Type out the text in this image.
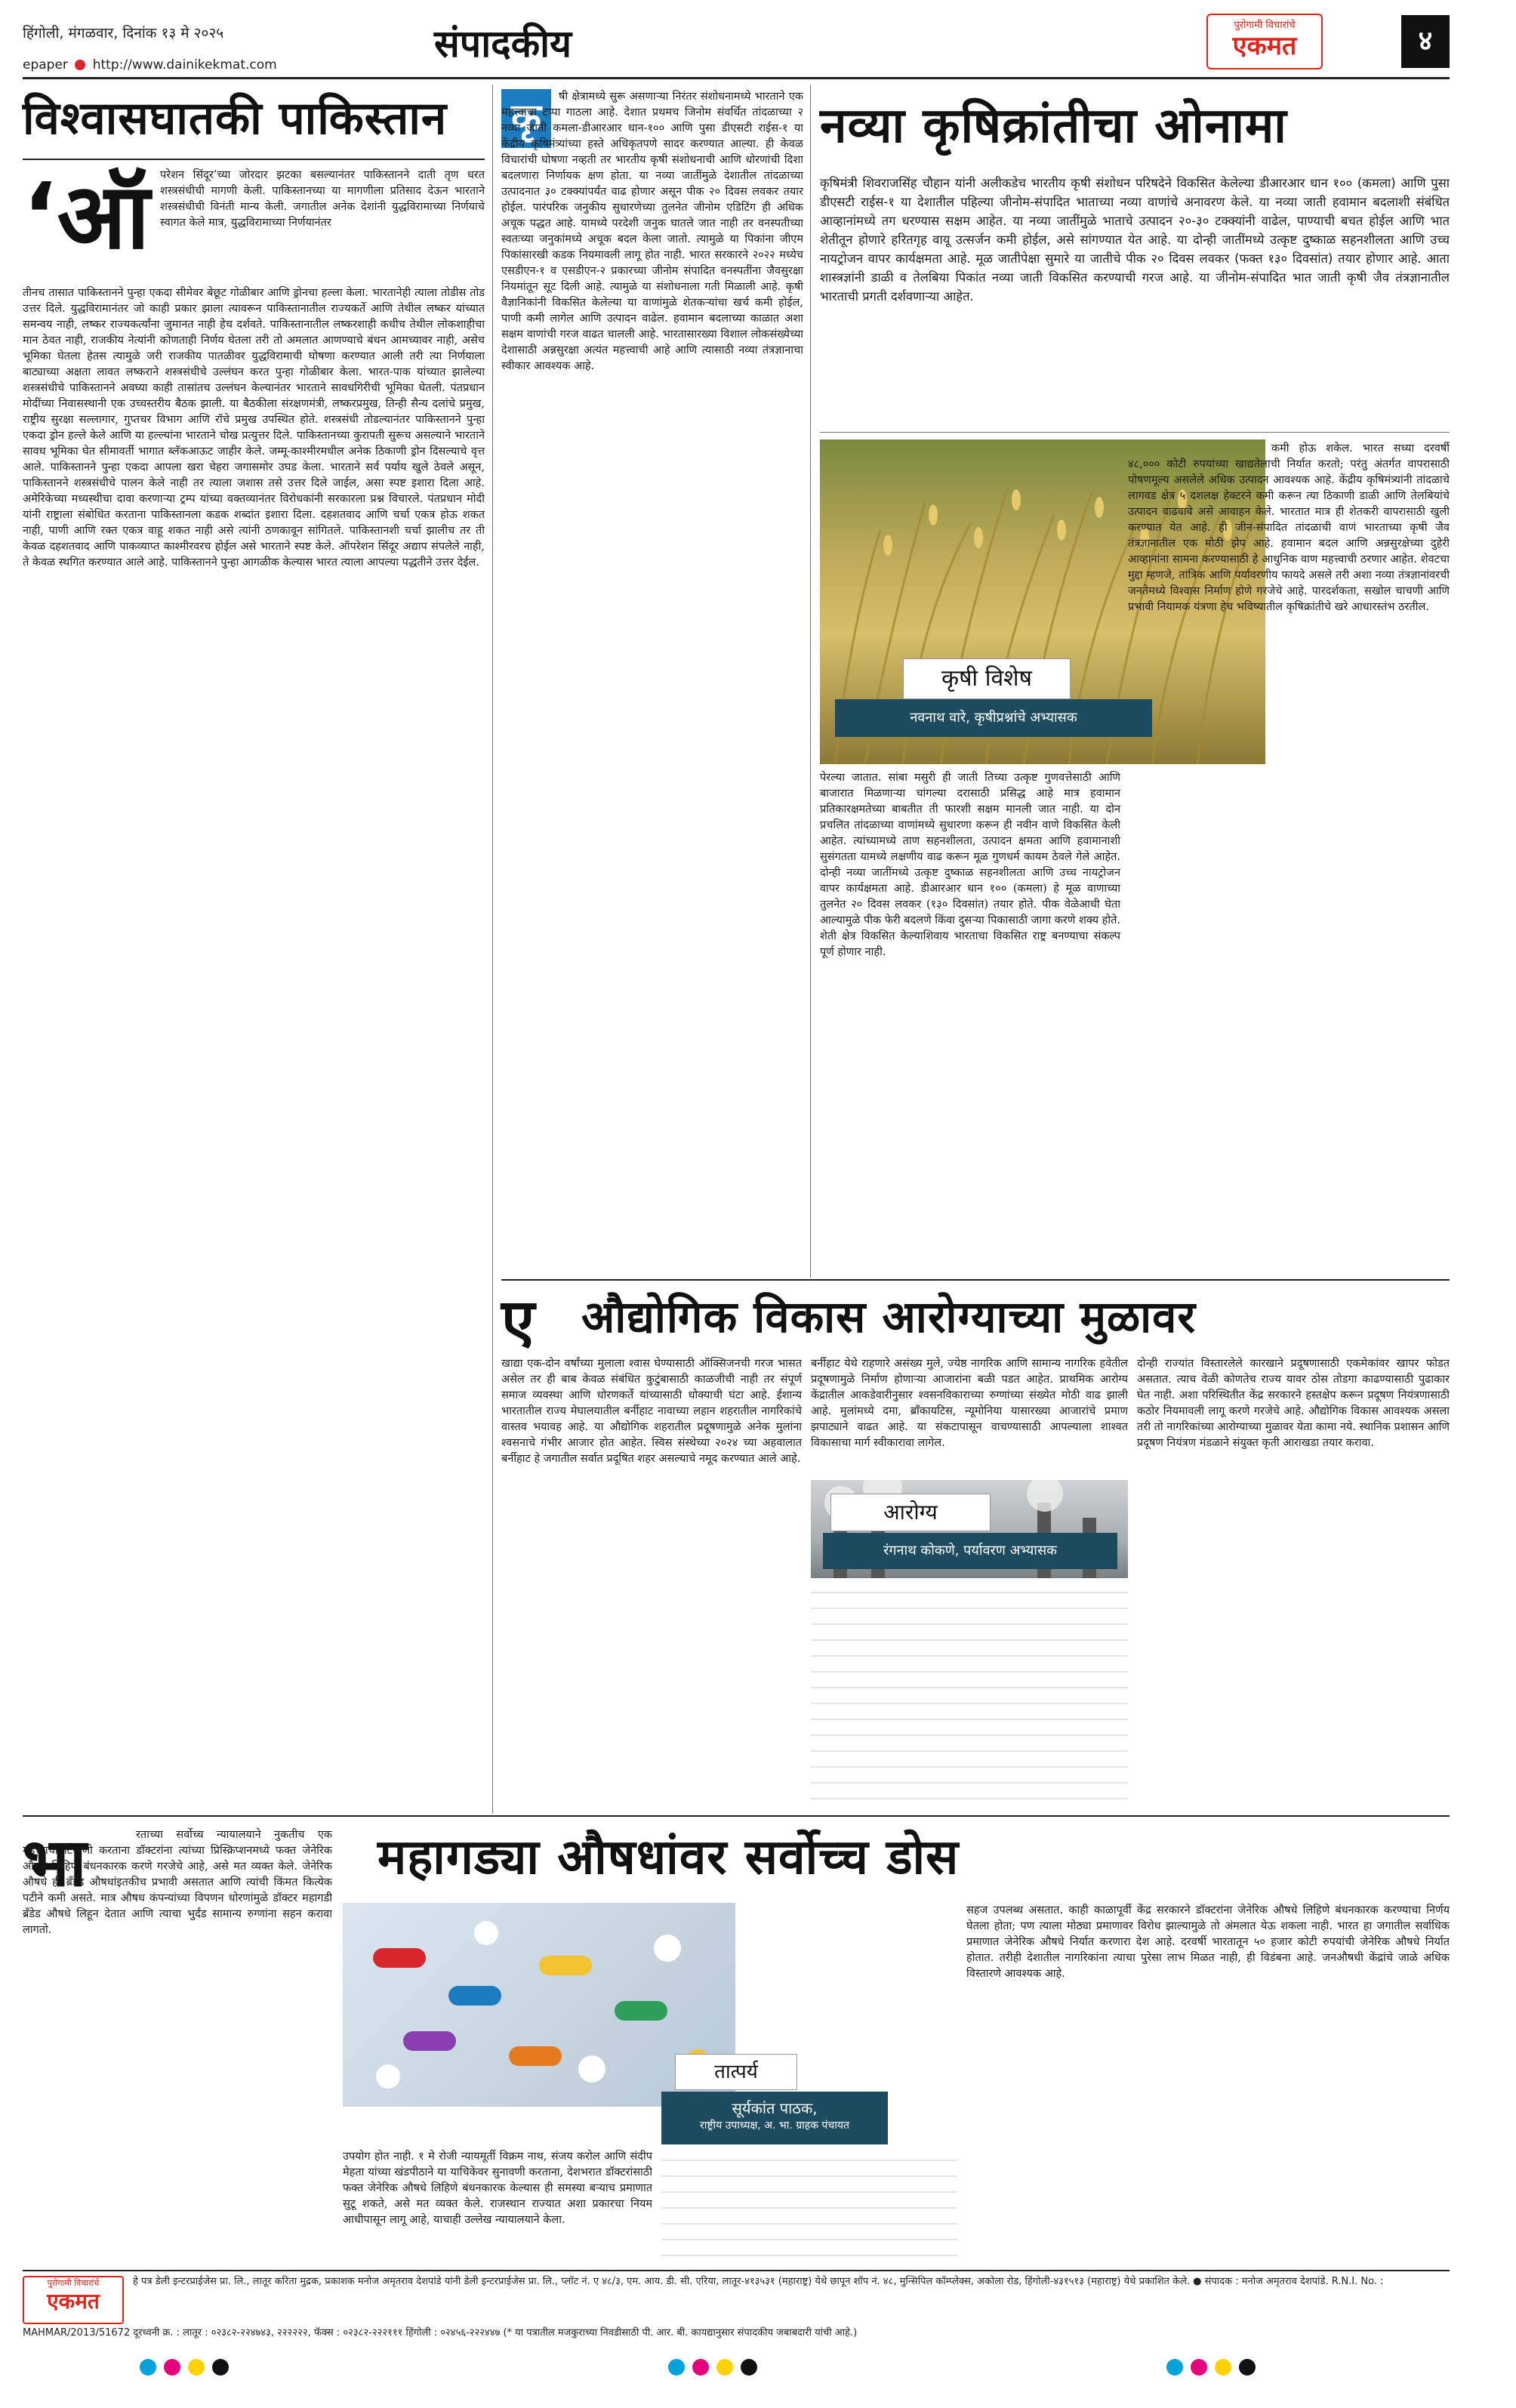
हिंगोली, मंगळवार, दिनांक १३ मे २०२५
epaper http://www.dainikekmat.com	संपादकीय	पुरोगामी विचारांचे
एकमत	४
विश्वासघातकी पाकिस्तान
‘ऑ परेशन सिंदूर’च्या जोरदार झटका बसल्यानंतर पाकिस्तानने दाती तृण धरत शस्त्रसंधीची मागणी केली. पाकिस्तानच्या या मागणीला प्रतिसाद देऊन भारताने शस्त्रसंधीची विनंती मान्य केली. जगातील अनेक देशांनी युद्धविरामाच्या निर्णयाचे स्वागत केले मात्र, युद्धविरामाच्या निर्णयानंतर
तीनच तासात पाकिस्तानने पुन्हा एकदा सीमेवर बेछूट गोळीबार आणि ड्रोनचा हल्ला केला. भारतानेही त्याला तोडीस तोड उत्तर दिले. युद्धविरामानंतर जो काही प्रकार झाला त्यावरून पाकिस्तानातील राज्यकर्ते आणि तेथील लष्कर यांच्यात समन्वय नाही, लष्कर राज्यकर्त्यांना जुमानत नाही हेच दर्शवते. पाकिस्तानातील लष्करशाही कधीच तेथील लोकशाहीचा मान ठेवत नाही, राजकीय नेत्यांनी कोणताही निर्णय घेतला तरी तो अमलात आणण्याचे बंधन आमच्यावर नाही, असेच भूमिका घेतला हेतस त्यामुळे जरी राजकीय पातळीवर युद्धविरामाची घोषणा करण्यात आली तरी त्या निर्णयाला बाट्याच्या अक्षता लावत लष्कराने शस्त्रसंधीचे उल्लंघन करत पुन्हा गोळीबार केला. भारत-पाक यांच्यात झालेल्या शस्त्रसंधीचे पाकिस्तानने अवघ्या काही तासांतच उल्लंघन केल्यानंतर भारताने सावधगिरीची भूमिका घेतली. पंतप्रधान मोदींच्या निवासस्थानी एक उच्चस्तरीय बैठक झाली. या बैठकीला संरक्षणमंत्री, लष्करप्रमुख, तिन्ही सैन्य दलांचे प्रमुख, राष्ट्रीय सुरक्षा सल्लागार, गुप्तचर विभाग आणि रॉचे प्रमुख उपस्थित होते. शस्त्रसंधी तोडल्यानंतर पाकिस्तानने पुन्हा एकदा ड्रोन हल्ले केले आणि या हल्ल्यांना भारताने चोख प्रत्युत्तर दिले. पाकिस्तानच्या कुरापती सुरूच असल्याने भारताने सावध भूमिका घेत सीमावर्ती भागात ब्लॅकआऊट जाहीर केले. जम्मू-काश्मीरमधील अनेक ठिकाणी ड्रोन दिसल्याचे वृत्त आले. पाकिस्तानने पुन्हा एकदा आपला खरा चेहरा जगासमोर उघड केला. भारताने सर्व पर्याय खुले ठेवले असून, पाकिस्तानने शस्त्रसंधीचे पालन केले नाही तर त्याला जशास तसे उत्तर दिले जाईल, असा स्पष्ट इशारा दिला आहे. अमेरिकेच्या मध्यस्थीचा दावा करणाऱ्या ट्रम्प यांच्या वक्तव्यानंतर विरोधकांनी सरकारला प्रश्न विचारले. पंतप्रधान मोदी यांनी राष्ट्राला संबोधित करताना पाकिस्तानला कडक शब्दांत इशारा दिला. दहशतवाद आणि चर्चा एकत्र होऊ शकत नाही, पाणी आणि रक्त एकत्र वाहू शकत नाही असे त्यांनी ठणकावून सांगितले. पाकिस्तानशी चर्चा झालीच तर ती केवळ दहशतवाद आणि पाकव्याप्त काश्मीरवरच होईल असे भारताने स्पष्ट केले. ऑपरेशन सिंदूर अद्याप संपलेले नाही, ते केवळ स्थगित करण्यात आले आहे. पाकिस्तानने पुन्हा आगळीक केल्यास भारत त्याला आपल्या पद्धतीने उत्तर देईल.
कृ	षी क्षेत्रामध्ये सुरू असणाऱ्या निरंतर संशोधनामध्ये भारताने एक महत्त्वाचा टप्पा गाठला आहे. देशात प्रथमच जिनोम संवर्धित तांदळाच्या २ नव्या जाती कमला-डीआरआर धान-१०० आणि पुसा डीएसटी राईस-१ या केंद्रीय कृषिमंत्र्यांच्या हस्ते अधिकृतपणे सादर करण्यात आल्या. ही केवळ विचारांची घोषणा नव्हती तर भारतीय कृषी संशोधनाची आणि धोरणांची दिशा बदलणारा निर्णायक क्षण होता. या नव्या जातींमुळे देशातील तांदळाच्या उत्पादनात ३० टक्क्यांपर्यंत वाढ होणार असून पीक २० दिवस लवकर तयार होईल. पारंपरिक जनुकीय सुधारणेच्या तुलनेत जीनोम एडिटिंग ही अधिक अचूक पद्धत आहे. यामध्ये परदेशी जनुक घातले जात नाही तर वनस्पतीच्या स्वतःच्या जनुकांमध्ये अचूक बदल केला जातो. त्यामुळे या पिकांना जीएम पिकांसारखी कडक नियमावली लागू होत नाही. भारत सरकारने २०२२ मध्येच एसडीएन-१ व एसडीएन-२ प्रकारच्या जीनोम संपादित वनस्पतींना जैवसुरक्षा नियमांतून सूट दिली आहे. त्यामुळे या संशोधनाला गती मिळाली आहे. कृषी वैज्ञानिकांनी विकसित केलेल्या या वाणांमुळे शेतकऱ्यांचा खर्च कमी होईल, पाणी कमी लागेल आणि उत्पादन वाढेल. हवामान बदलाच्या काळात अशा सक्षम वाणांची गरज वाढत चालली आहे. भारतासारख्या विशाल लोकसंख्येच्या देशासाठी अन्नसुरक्षा अत्यंत महत्त्वाची आहे आणि त्यासाठी नव्या तंत्रज्ञानाचा स्वीकार आवश्यक आहे.
नव्या कृषिक्रांतीचा ओनामा
कृषिमंत्री शिवराजसिंह चौहान यांनी अलीकडेच भारतीय कृषी संशोधन परिषदेने विकसित केलेल्या डीआरआर धान १०० (कमला) आणि पुसा डीएसटी राईस-१ या देशातील पहिल्या जीनोम-संपादित भाताच्या नव्या वाणांचे अनावरण केले. या नव्या जाती हवामान बदलाशी संबंधित आव्हानांमध्ये तग धरण्यास सक्षम आहेत. या नव्या जातींमुळे भाताचे उत्पादन २०-३० टक्क्यांनी वाढेल, पाण्याची बचत होईल आणि भात शेतीतून होणारे हरितगृह वायू उत्सर्जन कमी होईल, असे सांगण्यात येत आहे. या दोन्ही जातींमध्ये उत्कृष्ट दुष्काळ सहनशीलता आणि उच्च नायट्रोजन वापर कार्यक्षमता आहे. मूळ जातीपेक्षा सुमारे या जातीचे पीक २० दिवस लवकर (फक्त १३० दिवसांत) तयार होणार आहे. आता शास्त्रज्ञांनी डाळी व तेलबिया पिकांत नव्या जाती विकसित करण्याची गरज आहे. या जीनोम-संपादित भात जाती कृषी जैव तंत्रज्ञानातील भारताची प्रगती दर्शवणाऱ्या आहेत.
कृषी विशेष
नवनाथ वारे, कृषीप्रश्नांचे अभ्यासक
पेरल्या जातात. सांबा मसुरी ही जाती तिच्या उत्कृष्ट गुणवत्तेसाठी आणि बाजारात मिळणाऱ्या चांगल्या दरासाठी प्रसिद्ध आहे मात्र हवामान प्रतिकारक्षमतेच्या बाबतीत ती फारशी सक्षम मानली जात नाही. या दोन प्रचलित तांदळाच्या वाणांमध्ये सुधारणा करून ही नवीन वाणे विकसित केली आहेत. त्यांच्यामध्ये ताण सहनशीलता, उत्पादन क्षमता आणि हवामानाशी सुसंगतता यामध्ये लक्षणीय वाढ करून मूळ गुणधर्म कायम ठेवले गेले आहेत. दोन्ही नव्या जातींमध्ये उत्कृष्ट दुष्काळ सहनशीलता आणि उच्च नायट्रोजन वापर कार्यक्षमता आहे. डीआरआर धान १०० (कमला) हे मूळ वाणाच्या तुलनेत २० दिवस लवकर (१३० दिवसांत) तयार होते. पीक वेळेआधी घेता आल्यामुळे पीक फेरी बदलणे किंवा दुसऱ्या पिकासाठी जागा करणे शक्य होते. शेती क्षेत्र विकसित केल्याशिवाय भारताचा विकसित राष्ट्र बनण्याचा संकल्प पूर्ण होणार नाही.
कमी होऊ शकेल. भारत सध्या दरवर्षी ४८,००० कोटी रुपयांच्या खाद्यतेलाची निर्यात करतो; परंतु अंतर्गत वापरासाठी पोषणमूल्य असलेले अधिक उत्पादन आवश्यक आहे. केंद्रीय कृषिमंत्र्यांनी तांदळाचे लागवड क्षेत्र ५ दशलक्ष हेक्टरने कमी करून त्या ठिकाणी डाळी आणि तेलबियांचे उत्पादन वाढवावे असे आवाहन केले. भारतात मात्र ही शेतकरी वापरासाठी खुली करण्यात येत आहे. ही जीन-संपादित तांदळाची वाणं भारताच्या कृषी जैव तंत्रज्ञानातील एक मोठी झेप आहे. हवामान बदल आणि अन्नसुरक्षेच्या दुहेरी आव्हानांना सामना करण्यासाठी हे आधुनिक वाण महत्त्वाची ठरणार आहेत. शेवटचा मुद्दा म्हणजे, तांत्रिक आणि पर्यावरणीय फायदे असले तरी अशा नव्या तंत्रज्ञानांवरची जनतेमध्ये विश्वास निर्माण होणे गरजेचे आहे. पारदर्शकता, सखोल चाचणी आणि प्रभावी नियामक यंत्रणा हेच भविष्यातील कृषिक्रांतीचे खरे आधारस्तंभ ठरतील.
ए औद्योगिक विकास आरोग्याच्या मुळावर
खाद्या एक-दोन वर्षांच्या मुलाला श्वास घेण्यासाठी ऑक्सिजनची गरज भासत असेल तर ही बाब केवळ संबंधित कुटुंबासाठी काळजीची नाही तर संपूर्ण समाज व्यवस्था आणि धोरणकर्ते यांच्यासाठी धोक्याची घंटा आहे. ईशान्य भारतातील राज्य मेघालयातील बर्नीहाट नावाच्या लहान शहरातील नागरिकांचे वास्तव भयावह आहे. या औद्योगिक शहरातील प्रदूषणामुळे अनेक मुलांना श्वसनाचे गंभीर आजार होत आहेत. स्विस संस्थेच्या २०२४ च्या अहवालात बर्नीहाट हे जगातील सर्वात प्रदूषित शहर असल्याचे नमूद करण्यात आले आहे.
बर्नीहाट येथे राहणारे असंख्य मुले, ज्येष्ठ नागरिक आणि सामान्य नागरिक हवेतील प्रदूषणामुळे निर्माण होणाऱ्या आजारांना बळी पडत आहेत. प्राथमिक आरोग्य केंद्रातील आकडेवारीनुसार श्वसनविकाराच्या रुग्णांच्या संख्येत मोठी वाढ झाली आहे. मुलांमध्ये दमा, ब्राँकायटिस, न्यूमोनिया यासारख्या आजारांचे प्रमाण झपाट्याने वाढत आहे. या संकटापासून वाचण्यासाठी आपल्याला शाश्वत विकासाचा मार्ग स्वीकारावा लागेल.
आरोग्य
रंगनाथ कोकणे, पर्यावरण अभ्यासक
दोन्ही राज्यांत विस्तारलेले कारखाने प्रदूषणासाठी एकमेकांवर खापर फोडत असतात. त्याच वेळी कोणतेच राज्य यावर ठोस तोडगा काढण्यासाठी पुढाकार घेत नाही. अशा परिस्थितीत केंद्र सरकारने हस्तक्षेप करून प्रदूषण नियंत्रणासाठी कठोर नियमावली लागू करणे गरजेचे आहे. औद्योगिक विकास आवश्यक असला तरी तो नागरिकांच्या आरोग्याच्या मुळावर येता कामा नये. स्थानिक प्रशासन आणि प्रदूषण नियंत्रण मंडळाने संयुक्त कृती आराखडा तयार करावा.
भा	महागड्या औषधांवर सर्वोच्च डोस
रताच्या सर्वोच्च न्यायालयाने नुकतीच एक महत्त्वाची टिप्पणी करताना डॉक्टरांना त्यांच्या प्रिस्क्रिप्शनमध्ये फक्त जेनेरिक औषधे लिहिणे बंधनकारक करणे गरजेचे आहे, असे मत व्यक्त केले. जेनेरिक औषधे ही ब्रँडेड औषधांइतकीच प्रभावी असतात आणि त्यांची किंमत कित्येक पटीने कमी असते. मात्र औषध कंपन्यांच्या विपणन धोरणांमुळे डॉक्टर महागडी ब्रँडेड औषधे लिहून देतात आणि त्याचा भुर्दंड सामान्य रुग्णांना सहन करावा लागतो.
तात्पर्य
सूर्यकांत पाठक,
राष्ट्रीय उपाध्यक्ष, अ. भा. ग्राहक पंचायत
उपयोग होत नाही. १ मे रोजी न्यायमूर्ती विक्रम नाथ, संजय करोल आणि संदीप मेहता यांच्या खंडपीठाने या याचिकेवर सुनावणी करताना, देशभरात डॉक्टरांसाठी फक्त जेनेरिक औषधे लिहिणे बंधनकारक केल्यास ही समस्या बऱ्याच प्रमाणात सुटू शकते, असे मत व्यक्त केले. राजस्थान राज्यात अशा प्रकारचा नियम आधीपासून लागू आहे, याचाही उल्लेख न्यायालयाने केला.
सहज उपलब्ध असतात. काही काळापूर्वी केंद्र सरकारने डॉक्टरांना जेनेरिक औषधे लिहिणे बंधनकारक करण्याचा निर्णय घेतला होता; पण त्याला मोठ्या प्रमाणावर विरोध झाल्यामुळे तो अंमलात येऊ शकला नाही. भारत हा जगातील सर्वाधिक प्रमाणात जेनेरिक औषधे निर्यात करणारा देश आहे. दरवर्षी भारतातून ५० हजार कोटी रुपयांची जेनेरिक औषधे निर्यात होतात. तरीही देशातील नागरिकांना त्याचा पुरेसा लाभ मिळत नाही, ही विडंबना आहे. जनऔषधी केंद्रांचे जाळे अधिक विस्तारणे आवश्यक आहे.
पुरोगामी विचारांचे
एकमत
हे पत्र डेली इन्टरप्राईजेस प्रा. लि., लातूर करिता मुद्रक, प्रकाशक मनोज अमृतराव देशपांडे यांनी डेली इन्टरप्राईजेस प्रा. लि., प्लॉट नं. ए ४८/३, एम. आय. डी. सी. एरिया, लातूर-४१३५३१ (महाराष्ट्र) येथे छापून शॉप नं. ४८, मुन्सिपिल कॉम्प्लेक्स, अकोला रोड, हिंगोली-४३१५१३ (महाराष्ट्र) येथे प्रकाशित केले. ● संपादक : मनोज अमृतराव देशपांडे. R.N.I. No. :
MAHMAR/2013/51672 दूरध्वनी क्र. : लातूर : ०२३८२-२२४७४३, २२२२२२, फॅक्स : ०२३८२-२२२१११ हिंगोली : ०२४५६-२२२४४७ (* या पत्रातील मजकुराच्या निवडीसाठी पी. आर. बी. कायद्यानुसार संपादकीय जबाबदारी यांची आहे.)
